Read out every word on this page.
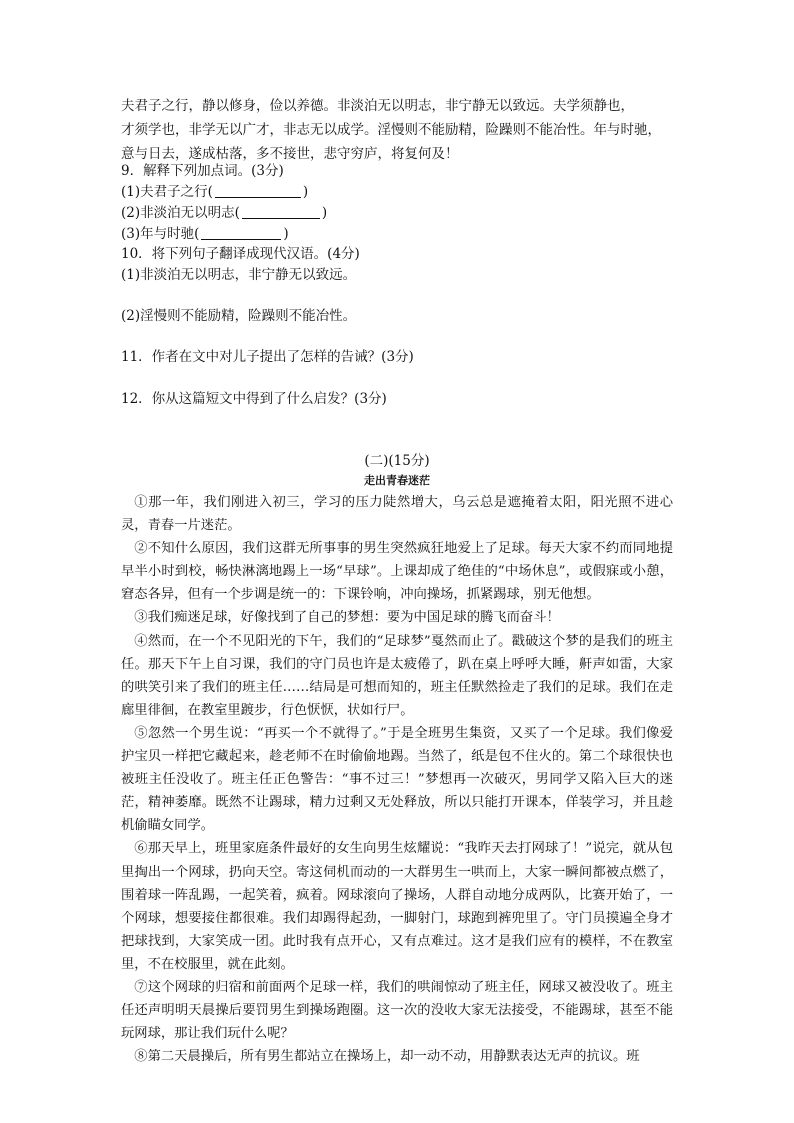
夫君子之行，静以修身，俭以养德。非淡泊无以明志，非宁静无以致远。夫学须静也，

才须学也，非学无以广才，非志无以成学。淫慢则不能励精，险躁则不能冶性。年与时驰，

意与日去，遂成枯落，多不接世，悲守穷庐，将复何及！

9．解释下列加点词。(3分)
(1)夫君子之行(	)
(2)非淡泊无以明志(	)
(3)年与时驰(	)
10．将下列句子翻译成现代汉语。(4分)
(1)非淡泊无以明志，非宁静无以致远。
(2)淫慢则不能励精，险躁则不能冶性。
11．作者在文中对儿子提出了怎样的告诫？(3分)
12．你从这篇短文中得到了什么启发？(3分)
(二)(15分)
走出青春迷茫

①那一年，我们刚进入初三，学习的压力陡然增大，乌云总是遮掩着太阳，阳光照不进心灵，青春一片迷茫。

②不知什么原因，我们这群无所事事的男生突然疯狂地爱上了足球。每天大家不约而同地提早半小时到校，畅快淋漓地踢上一场“早球”。上课却成了绝佳的“中场休息”，或假寐或小憩，窘态各异，但有一个步调是统一的：下课铃响，冲向操场，抓紧踢球，别无他想。

③我们痴迷足球，好像找到了自己的梦想：要为中国足球的腾飞而奋斗！

④然而，在一个不见阳光的下午，我们的“足球梦”戛然而止了。戳破这个梦的是我们的班主任。那天下午上自习课，我们的守门员也许是太疲倦了，趴在桌上呼呼大睡，鼾声如雷，大家的哄笑引来了我们的班主任……结局是可想而知的，班主任默然捡走了我们的足球。我们在走廊里徘徊，在教室里踱步，行色恹恹，状如行尸。

⑤忽然一个男生说：“再买一个不就得了。”于是全班男生集资，又买了一个足球。我们像爱护宝贝一样把它藏起来，趁老师不在时偷偷地踢。当然了，纸是包不住火的。第二个球很快也被班主任没收了。班主任正色警告：“事不过三！”梦想再一次破灭，男同学又陷入巨大的迷茫，精神萎靡。既然不让踢球，精力过剩又无处释放，所以只能打开课本，佯装学习，并且趁机偷瞄女同学。

⑥那天早上，班里家庭条件最好的女生向男生炫耀说：“我昨天去打网球了！”说完，就从包里掏出一个网球，扔向天空。寄这伺机而动的一大群男生一哄而上，大家一瞬间都被点燃了，围着球一阵乱踢，一起笑着，疯着。网球滚向了操场，人群自动地分成两队，比赛开始了，一个网球，想要接住都很难。我们却踢得起劲，一脚射门，球跑到裤兜里了。守门员摸遍全身才把球找到，大家笑成一团。此时我有点开心，又有点难过。这才是我们应有的模样，不在教室里，不在校服里，就在此刻。

⑦这个网球的归宿和前面两个足球一样，我们的哄闹惊动了班主任，网球又被没收了。班主任还声明明天晨操后要罚男生到操场跑圈。这一次的没收大家无法接受，不能踢球，甚至不能玩网球，那让我们玩什么呢？

⑧第二天晨操后，所有男生都站立在操场上，却一动不动，用静默表达无声的抗议。班
